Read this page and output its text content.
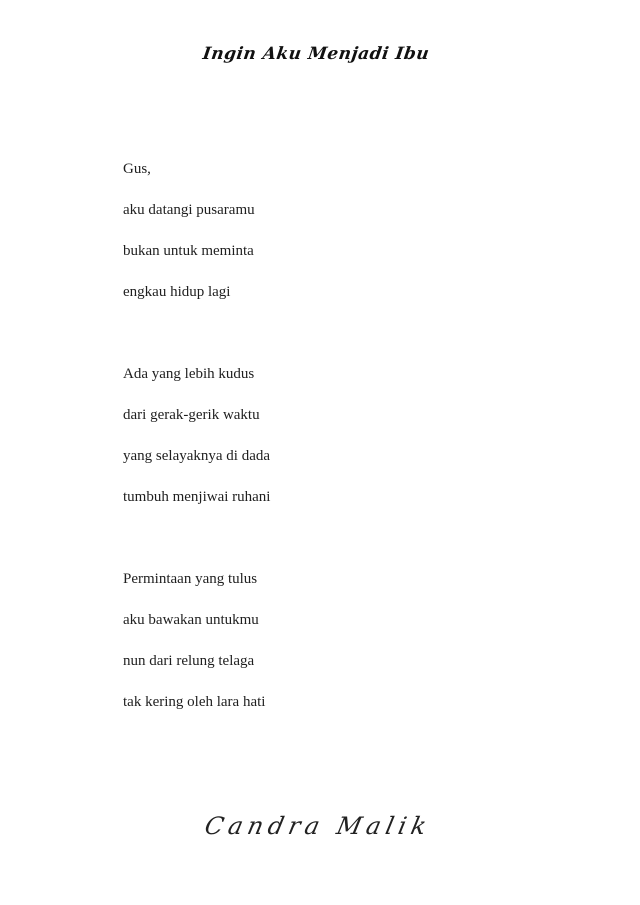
Ingin Aku Menjadi Ibu
Gus,
aku datangi pusaramu
bukan untuk meminta
engkau hidup lagi
Ada yang lebih kudus
dari gerak-gerik waktu
yang selayaknya di dada
tumbuh menjiwai ruhani
Permintaan yang tulus
aku bawakan untukmu
nun dari relung telaga
tak kering oleh lara hati
Candra Malik
